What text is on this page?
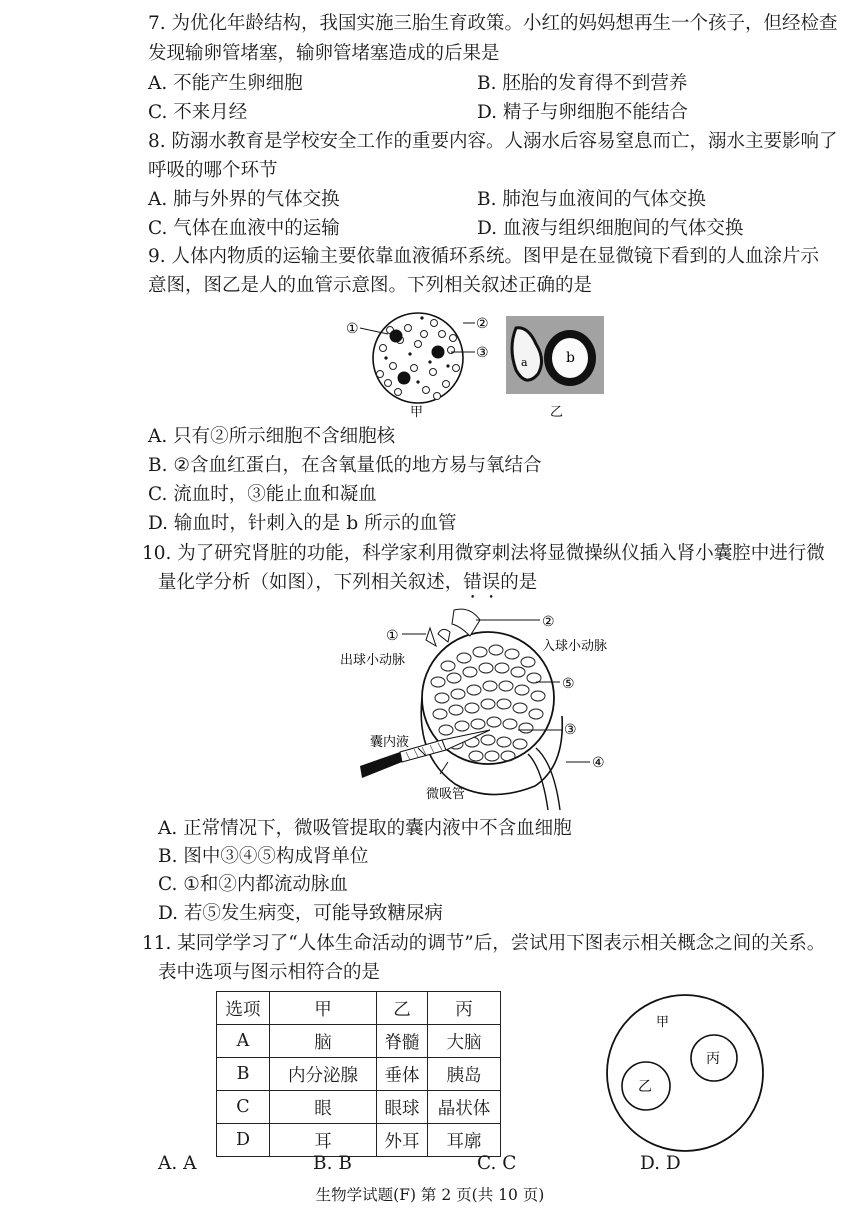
7. 为优化年龄结构，我国实施三胎生育政策。小红的妈妈想再生一个孩子，但经检查
发现输卵管堵塞，输卵管堵塞造成的后果是
A. 不能产生卵细胞	B. 胚胎的发育得不到营养
C. 不来月经	D. 精子与卵细胞不能结合
8. 防溺水教育是学校安全工作的重要内容。人溺水后容易窒息而亡，溺水主要影响了
呼吸的哪个环节
A. 肺与外界的气体交换	B. 肺泡与血液间的气体交换
C. 气体在血液中的运输	D. 血液与组织细胞间的气体交换
9. 人体内物质的运输主要依靠血液循环系统。图甲是在显微镜下看到的人血涂片示
意图，图乙是人的血管示意图。下列相关叙述正确的是
①	②
③
甲
a	b
乙
A. 只有②所示细胞不含细胞核
B. ②含血红蛋白，在含氧量低的地方易与氧结合
C. 流血时，③能止血和凝血
D. 输血时，针刺入的是 b 所示的血管
10. 为了研究肾脏的功能，科学家利用微穿刺法将显微操纵仪插入肾小囊腔中进行微
量化学分析（如图），下列相关叙述，错误的是
①
②
③
④
⑤
出球小动脉
入球小动脉
囊内液
微吸管
A. 正常情况下，微吸管提取的囊内液中不含血细胞
B. 图中③④⑤构成肾单位
C. ①和②内都流动脉血
D. 若⑤发生病变，可能导致糖尿病
11. 某同学学习了“人体生命活动的调节”后，尝试用下图表示相关概念之间的关系。
表中选项与图示相符合的是
选项	甲	乙	丙
A	脑	脊髓	大脑
B	内分泌腺	垂体	胰岛
C	眼	眼球	晶状体
D	耳	外耳	耳廓
甲
乙
丙
A. A	B. B	C. C	D. D
生物学试题(F) 第 2 页(共 10 页)
